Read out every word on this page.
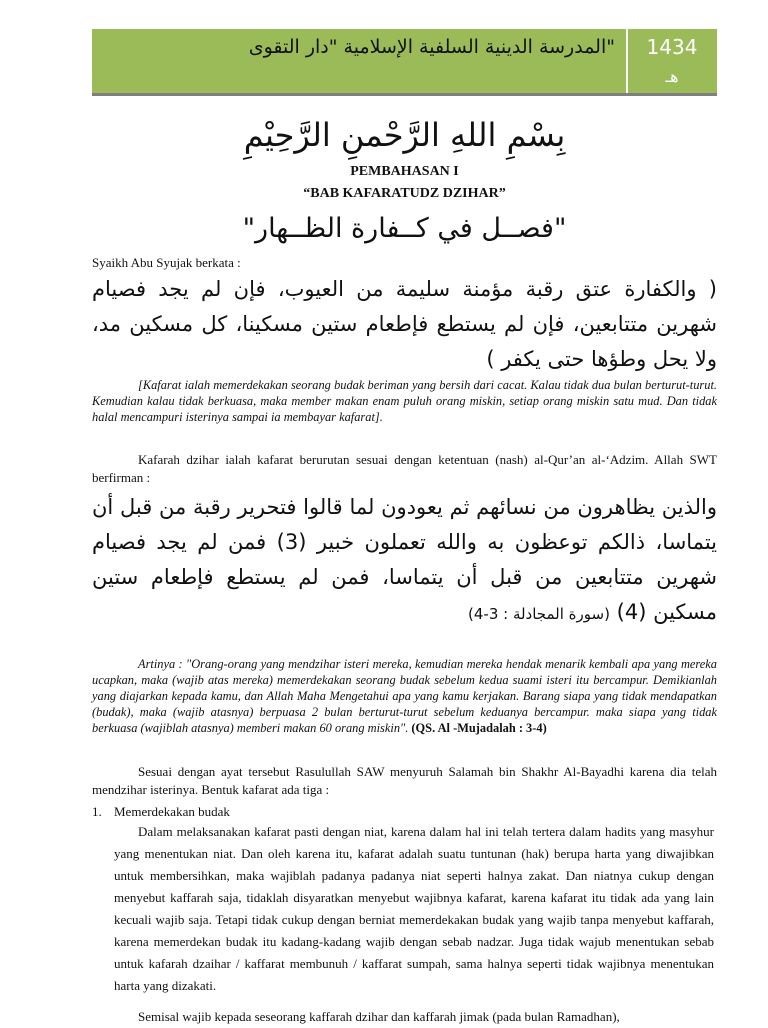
"المدرسة الدينية السلفية الإسلامية "دار التقوى	1434
هـ
بِسْمِ اللهِ الرَّحْمنِ الرَّحِيْمِ
PEMBAHASAN I
“BAB KAFARATUDZ DZIHAR”
"فصــل في كــفارة الظــهار"
Syaikh Abu Syujak berkata :
( والكفارة عتق رقبة مؤمنة سليمة من العيوب، فإن لم يجد فصيام شهرين متتابعين، فإن لم يستطع فإطعام ستين مسكينا، كل مسكين مد، ولا يحل وطؤها حتى يكفر )
[Kafarat ialah memerdekakan seorang budak beriman yang bersih dari cacat. Kalau tidak dua bulan berturut-turut. Kemudian kalau tidak berkuasa, maka member makan enam puluh orang miskin, setiap orang miskin satu mud. Dan tidak halal mencampuri isterinya sampai ia membayar kafarat].
Kafarah dzihar ialah kafarat berurutan sesuai dengan ketentuan (nash) al-Qur’an al-‘Adzim. Allah SWT berfirman :
والذين يظاهرون من نسائهم ثم يعودون لما قالوا فتحرير رقبة من قبل أن يتماسا، ذالكم توعظون به والله تعملون خبير (3) فمن لم يجد فصيام شهرين متتابعين من قبل أن يتماسا، فمن لم يستطع فإطعام ستين مسكين (4) (سورة المجادلة : 3-4)
Artinya : "Orang-orang yang mendzihar isteri mereka, kemudian mereka hendak menarik kembali apa yang mereka ucapkan, maka (wajib atas mereka) memerdekakan seorang budak sebelum kedua suami isteri itu bercampur. Demikianlah yang diajarkan kepada kamu, dan Allah Maha Mengetahui apa yang kamu kerjakan. Barang siapa yang tidak mendapatkan (budak), maka (wajib atasnya) berpuasa 2 bulan berturut-turut sebelum keduanya bercampur. maka siapa yang tidak berkuasa (wajiblah atasnya) memberi makan 60 orang miskin". (QS. Al -Mujadalah : 3-4)
Sesuai dengan ayat tersebut Rasulullah SAW menyuruh Salamah bin Shakhr Al-Bayadhi karena dia telah mendzihar isterinya. Bentuk kafarat ada tiga :
1. Memerdekakan budak
Dalam melaksanakan kafarat pasti dengan niat, karena dalam hal ini telah tertera dalam hadits yang masyhur yang menentukan niat. Dan oleh karena itu, kafarat adalah suatu tuntunan (hak) berupa harta yang diwajibkan untuk membersihkan, maka wajiblah padanya padanya niat seperti halnya zakat. Dan niatnya cukup dengan menyebut kaffarah saja, tidaklah disyaratkan menyebut wajibnya kafarat, karena kafarat itu tidak ada yang lain kecuali wajib saja. Tetapi tidak cukup dengan berniat memerdekakan budak yang wajib tanpa menyebut kaffarah, karena memerdekan budak itu kadang-kadang wajib dengan sebab nadzar. Juga tidak wajub menentukan sebab untuk kafarah dzaihar / kaffarat membunuh / kaffarat sumpah, sama halnya seperti tidak wajibnya menentukan harta yang dizakati.
Semisal wajib kepada seseorang kaffarah dzihar dan kaffarah jimak (pada bulan Ramadhan),
